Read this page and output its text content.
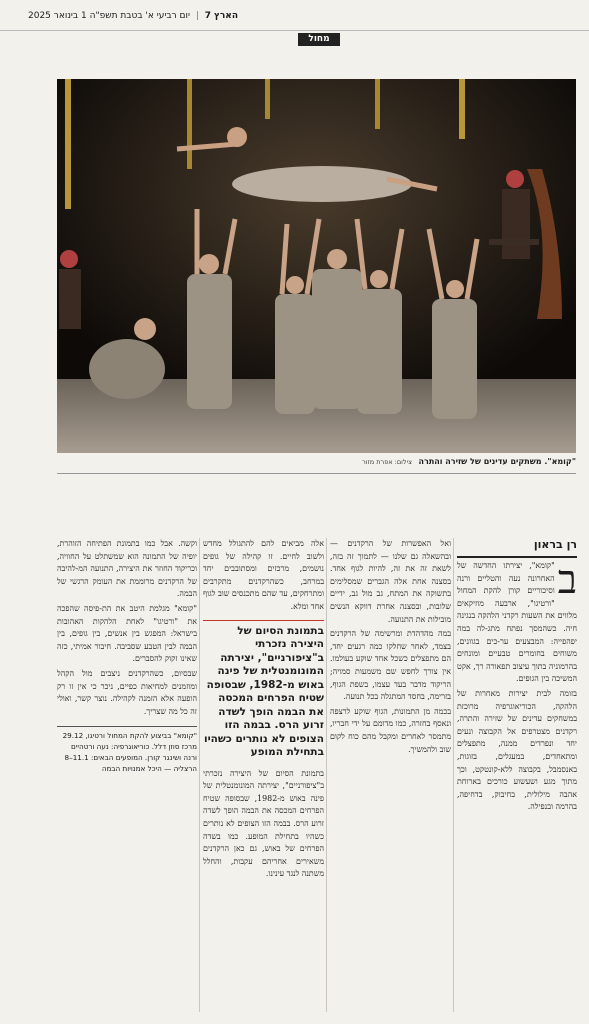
הארץ 7 | יום רביעי א' בטבת תשפ"ה 1 בינואר 2025
מחול
"קומא". משתקים עדינים של שזירה והתרה צילום: אפרת מזור
רן בראון
ב

"קומא", יצירתו החדשה של האחרונה נעה והטליים ורנה וסיכוריים קורן להקת המחול "ורטיגו", ארבעה מוזיקאים מלווים את השעות רקדני הלהקה בנגינה חיה. כשהמסך נפתח מתג-לה במה יפהפייה: המבצעים ער-כים בגוונים, משוחים בחומרים טבעיים ומונחים בהרמוניה בתוך עיצוב תפאורה רך, אקט המשיכה בין הגופים.

בזומה לבית יצירות מאחרות של הלהקה, הכוריאוגרפיה מרוכזת במשחקים עדינים של שזירה והתרה, רקדנים מצטרפים אל הקבוצה ונעים יחד ונפרדים ממנה, מתפצלים ומתאחדים, במעגלים, בזוגות, באנסמבל, בקבוצה ללא-קונטקט, וכך מתוך מגע ושעשוע כורכים בארוחת אהבה מילולית, בחיבוק, בדחיפה, בהרמה ובנפילה.

ואל האפשרות של הרקדנים — ובהשאלה גם שלנו — לתמוך זה בזה, לשאת זה את זה, להיות לגוף אחד. בסצנה אחת אלה הגברים שמסלימים בתשוקה את המתח, גב מול גב, ידיים שלובות, ובסצנה אחרת דווקא הנשים מובילות את התנועה.

במה מהדהדת ומרשימה של הרקדנים בצמד, לאחר שחלקו כמה רגעים יחד, הם מתפצלים כשכל אחד שוקע בעולמו. אין צורך לחפש שם משמעות סמויה; הריקוד מדבר בעד עצמו, בשפת הגוף, בזרימה, בחסד המתגלה בכל תנועה.

בכמה מן התמונות, הגוף שוקע לרצפה ונאסף בחזרה, כמו מדומם על ידי חבריו, מתמסר לאחרים ומקבל מהם כוח לקום שוב ולהמשיך.

אלה מביאים להם להתגולל מחדש ולשוב לחיים. זו קהילה של גופים נושמים, מרכזים ומסתובבים יחד במרחב, כשהרקדנים מתקרבים ומתרחקים, עד שהם מתכנסים שוב לגוף אחד ומלא.

בתמונת הסיום של היצירה נזכרתי ב"ציפורניים", יצירתה המונומנטלית של פינה באוש מ-1982, שבסופה שטיח הפרחים המכסה את הבמה הופך לשדה זרוע הרס. בבמה הזו הצופים לא נותרים כשהיו בתחילת המופע

בתמונת הסיום של היצירה נזכרתי ב"ציפורניים", יצירתה המונומנטלית של פינה באוש מ-1982, שבסופה שטיח הפרחים המכסה את הבמה הופך לשדה זרוע הרס. בבמה הזו הצופים לא נותרים כשהיו בתחילת המופע. כמו בשדה הפרחים של באוש, גם כאן הרקדנים משאירים אחריהם עקבות, והחלל משתנה לנגד עינינו.

וקשה. אבל כמו בתמונת הפתיחה הזוהרת, יופיה של התמונה הוא שמשתלט על החוויה, וכריקוד החוזר את היצירה, התנועה המ-להיבה של הרקדנים מרוממת את העומק הרגשי של הבמה.

"קומא" מגלמת היטב את הת-פיסה שהפכה את "ורטיגו" לאחת הלהקות האהובות בישראל: המפגש בין אנשים, בין גופים, בין הבמה לבין הטבע שסביבה. חיבור אמיתי, כזה שאינו זקוק להסברים.

שבסיום, כשהרקדנים ניצבים מול הקהל ומוזמנים למחיאות כפיים, ניכר כי אין זו רק הופעה אלא הזמנה לקהילה. נוצר קשר, ואולי זה כל מה שצריך.

"קומא" בביצוע להקת המחול ורטיגו, 29.12 מרכז סוזן דלל. כוריאוגרפיה: נעה ורטהיים ורנה ושינגר קורן. המופעים הבאים: 11.1–8 הרצליה — היכל אמנויות הבמה
